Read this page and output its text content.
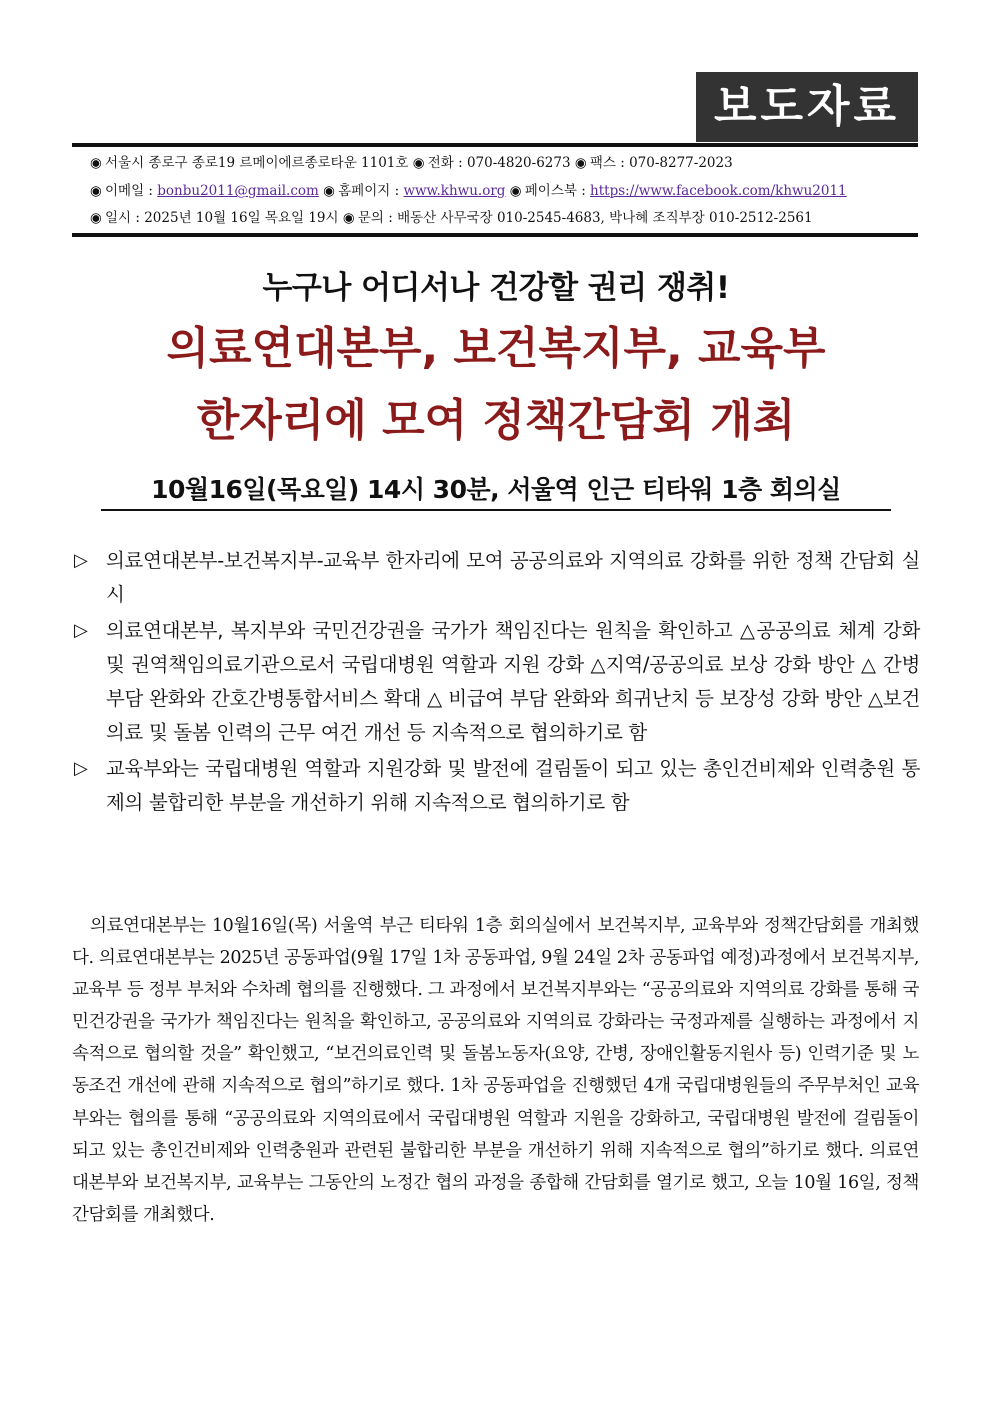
보도자료
◉ 서울시 종로구 종로19 르메이에르종로타운 1101호 ◉ 전화 : 070-4820-6273 ◉ 팩스 : 070-8277-2023
◉ 이메일 : bonbu2011@gmail.com ◉ 홈페이지 : www.khwu.org ◉ 페이스북 : https://www.facebook.com/khwu2011
◉ 일시 : 2025년 10월 16일 목요일 19시 ◉ 문의 : 배동산 사무국장 010-2545-4683, 박나혜 조직부장 010-2512-2561
누구나 어디서나 건강할 권리 쟁취!
의료연대본부, 보건복지부, 교육부
한자리에 모여 정책간담회 개최
10월16일(목요일) 14시 30분, 서울역 인근 티타워 1층 회의실
▷ 의료연대본부-보건복지부-교육부 한자리에 모여 공공의료와 지역의료 강화를 위한 정책 간담회 실시
▷ 의료연대본부, 복지부와 국민건강권을 국가가 책임진다는 원칙을 확인하고 △공공의료 체계 강화 및 권역책임의료기관으로서 국립대병원 역할과 지원 강화 △지역/공공의료 보상 강화 방안 △ 간병부담 완화와 간호간병통합서비스 확대 △ 비급여 부담 완화와 희귀난치 등 보장성 강화 방안 △보건의료 및 돌봄 인력의 근무 여건 개선 등 지속적으로 협의하기로 함
▷ 교육부와는 국립대병원 역할과 지원강화 및 발전에 걸림돌이 되고 있는 총인건비제와 인력충원 통제의 불합리한 부분을 개선하기 위해 지속적으로 협의하기로 함
의료연대본부는 10월16일(목) 서울역 부근 티타워 1층 회의실에서 보건복지부, 교육부와 정책간담회를 개최했다. 의료연대본부는 2025년 공동파업(9월 17일 1차 공동파업, 9월 24일 2차 공동파업 예정)과정에서 보건복지부, 교육부 등 정부 부처와 수차례 협의를 진행했다. 그 과정에서 보건복지부와는 “공공의료와 지역의료 강화를 통해 국민건강권을 국가가 책임진다는 원칙을 확인하고, 공공의료와 지역의료 강화라는 국정과제를 실행하는 과정에서 지속적으로 협의할 것을” 확인했고, “보건의료인력 및 돌봄노동자(요양, 간병, 장애인활동지원사 등) 인력기준 및 노동조건 개선에 관해 지속적으로 협의”하기로 했다. 1차 공동파업을 진행했던 4개 국립대병원들의 주무부처인 교육부와는 협의를 통해 “공공의료와 지역의료에서 국립대병원 역할과 지원을 강화하고, 국립대병원 발전에 걸림돌이 되고 있는 총인건비제와 인력충원과 관련된 불합리한 부분을 개선하기 위해 지속적으로 협의”하기로 했다. 의료연대본부와 보건복지부, 교육부는 그동안의 노정간 협의 과정을 종합해 간담회를 열기로 했고, 오늘 10월 16일, 정책간담회를 개최했다.
